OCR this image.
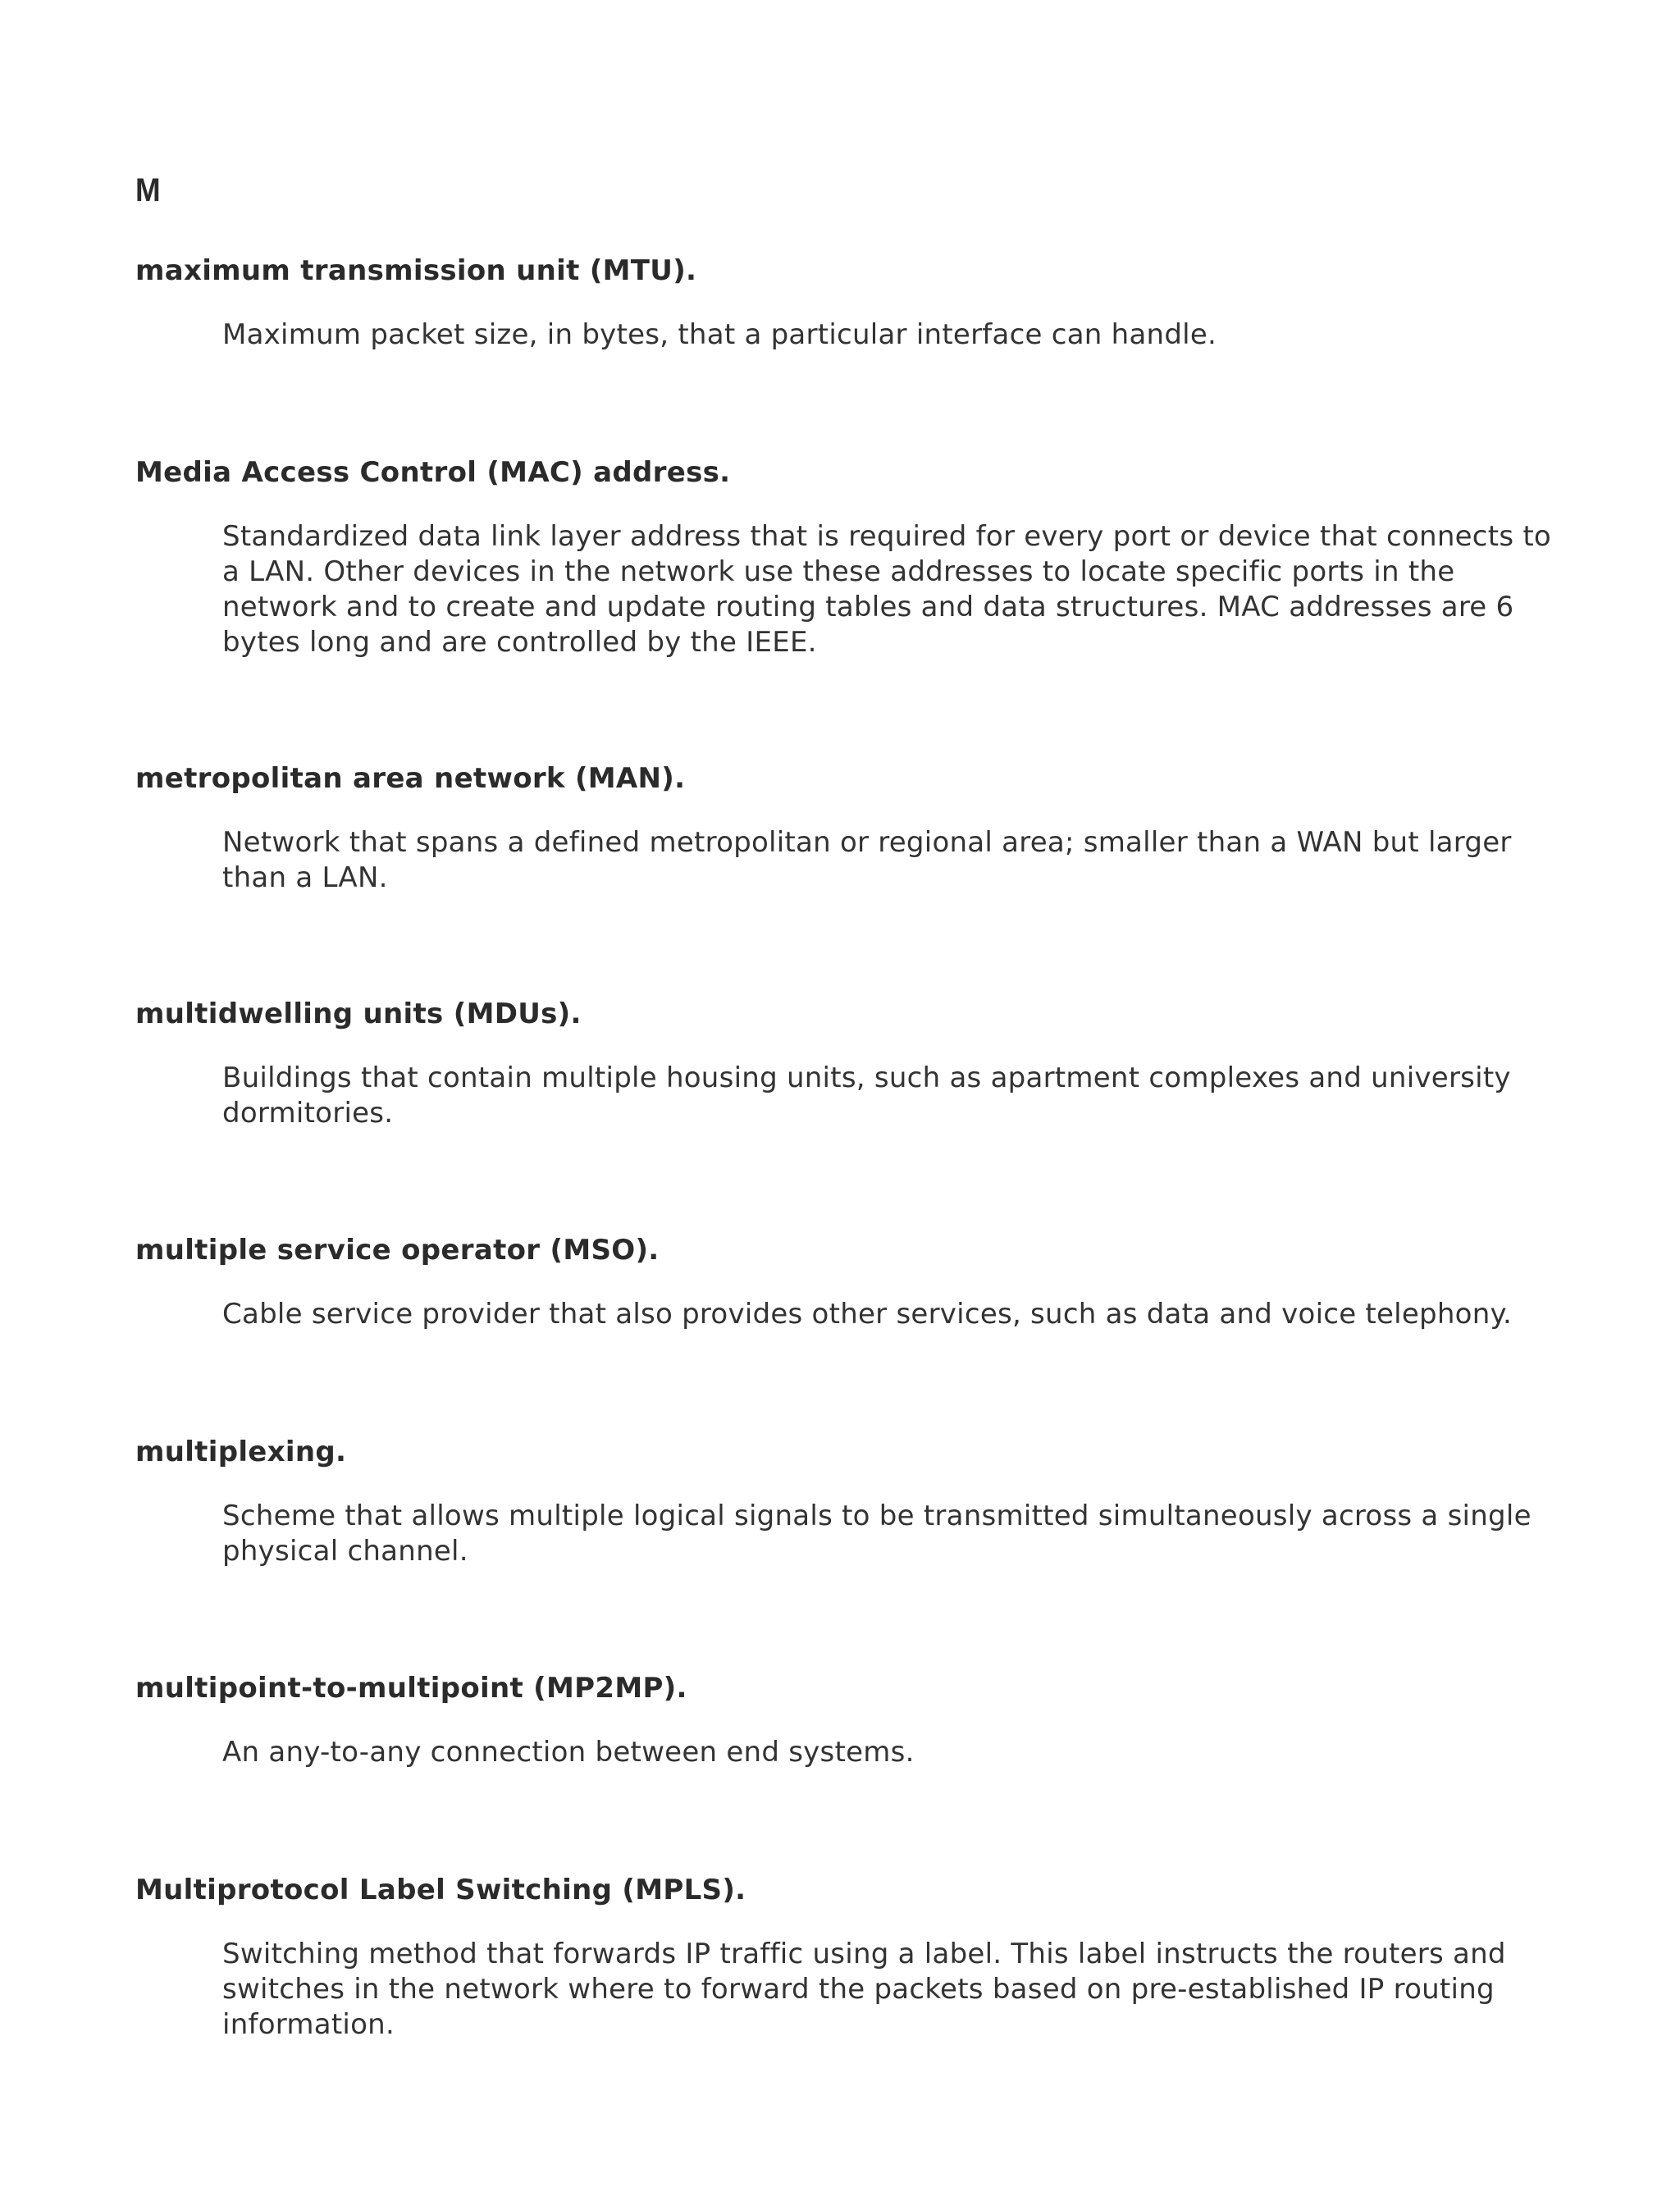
M

maximum transmission unit (MTU).

Maximum packet size, in bytes, that a particular interface can handle.

Media Access Control (MAC) address.

Standardized data link layer address that is required for every port or device that connects to a LAN. Other devices in the network use these addresses to locate specific ports in the network and to create and update routing tables and data structures. MAC addresses are 6 bytes long and are controlled by the IEEE.

metropolitan area network (MAN).

Network that spans a defined metropolitan or regional area; smaller than a WAN but larger than a LAN.

multidwelling units (MDUs).

Buildings that contain multiple housing units, such as apartment complexes and university dormitories.

multiple service operator (MSO).

Cable service provider that also provides other services, such as data and voice telephony.

multiplexing.

Scheme that allows multiple logical signals to be transmitted simultaneously across a single physical channel.

multipoint-to-multipoint (MP2MP).

An any-to-any connection between end systems.

Multiprotocol Label Switching (MPLS).

Switching method that forwards IP traffic using a label. This label instructs the routers and switches in the network where to forward the packets based on pre-established IP routing information.
